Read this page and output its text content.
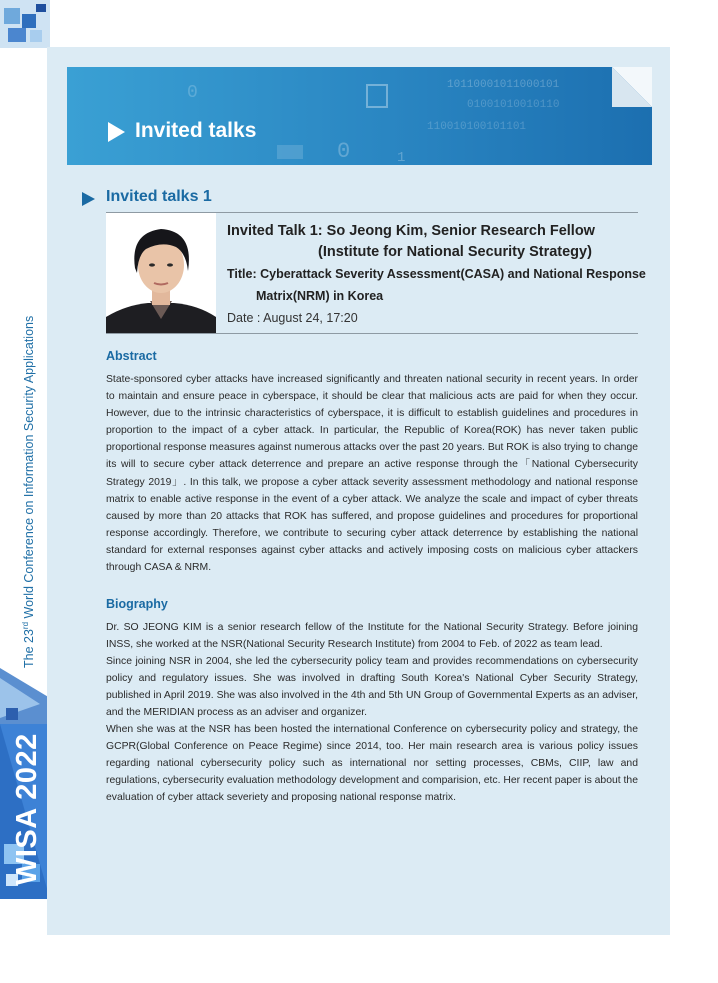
WISA 2022
The 23rd World Conference on Information Security Applications
10110001011000101
01001010010110
110010100101101
0
0	1
Invited talks
Invited talks 1
Invited Talk 1: So Jeong Kim, Senior Research Fellow
(Institute for National Security Strategy)
Title: Cyberattack Severity Assessment(CASA) and National Response
Matrix(NRM) in Korea
Date : August 24, 17:20
Abstract
State-sponsored cyber attacks have increased significantly and threaten national security in recent years. In order to maintain and ensure peace in cyberspace, it should be clear that malicious acts are paid for when they occur. However, due to the intrinsic characteristics of cyberspace, it is difficult to establish guidelines and procedures in proportion to the impact of a cyber attack. In particular, the Republic of Korea(ROK) has never taken public proportional response measures against numerous attacks over the past 20 years. But ROK is also trying to change its will to secure cyber attack deterrence and prepare an active response through the「National Cybersecurity Strategy 2019」. In this talk, we propose a cyber attack severity assessment methodology and national response matrix to enable active response in the event of a cyber attack. We analyze the scale and impact of cyber threats caused by more than 20 attacks that ROK has suffered, and propose guidelines and procedures for proportional response accordingly. Therefore, we contribute to securing cyber attack deterrence by establishing the national standard for external responses against cyber attacks and actively imposing costs on malicious cyber attackers through CASA & NRM.
Biography
Dr. SO JEONG KIM is a senior research fellow of the Institute for the National Security Strategy. Before joining INSS, she worked at the NSR(National Security Research Institute) from 2004 to Feb. of 2022 as team lead.
Since joining NSR in 2004, she led the cybersecurity policy team and provides recommendations on cybersecurity policy and regulatory issues. She was involved in drafting South Korea's National Cyber Security Strategy, published in April 2019. She was also involved in the 4th and 5th UN Group of Governmental Experts as an adviser, and the MERIDIAN process as an adviser and organizer.
When she was at the NSR has been hosted the international Conference on cybersecurity policy and strategy, the GCPR(Global Conference on Peace Regime) since 2014, too. Her main research area is various policy issues regarding national cybersecurity policy such as international nor setting processes, CBMs, CIIP, law and regulations, cybersecurity evaluation methodology development and comparision, etc. Her recent paper is about the evaluation of cyber attack severiety and proposing national response matrix.
